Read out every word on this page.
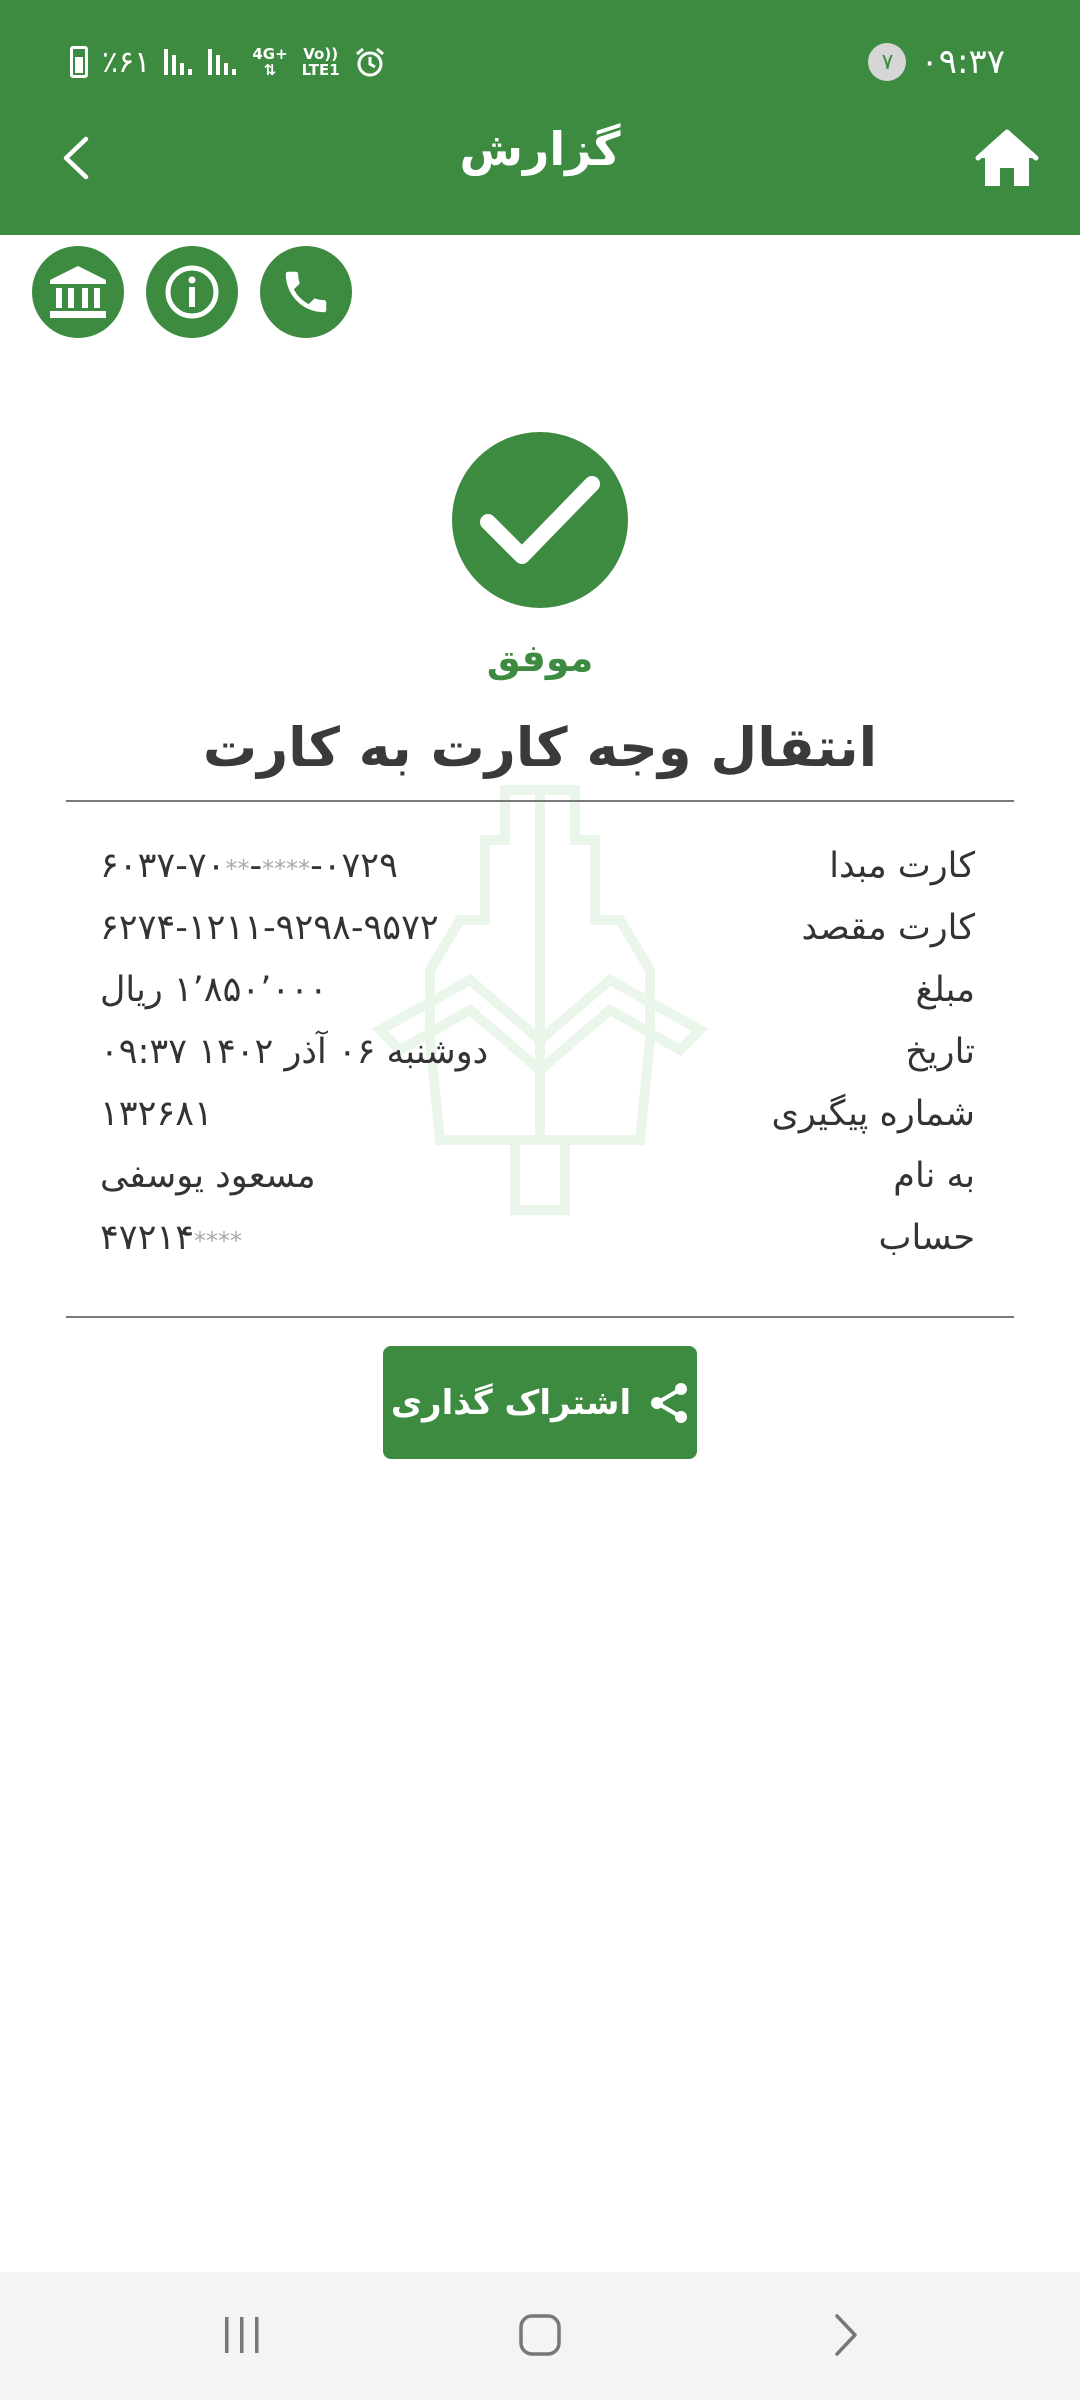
٪۶۱	4G+
⇅
Vo))
LTE1	۷ ۰۹:۳۷
گزارش
موفق
انتقال وجه کارت به کارت
کارت مبدا
۶۰۳۷-۷۰**-****-۰۷۲۹
کارت مقصد
۶۲۷۴-۱۲۱۱-۹۲۹۸-۹۵۷۲
مبلغ
۱٬۸۵۰٬۰۰۰ ریال
تاریخ
دوشنبه ۰۶ آذر ۱۴۰۲ ۰۹:۳۷
شماره پیگیری
۱۳۲۶۸۱
به نام
مسعود یوسفی
حساب
۴۷۲۱۴****
اشتراک گذاری
